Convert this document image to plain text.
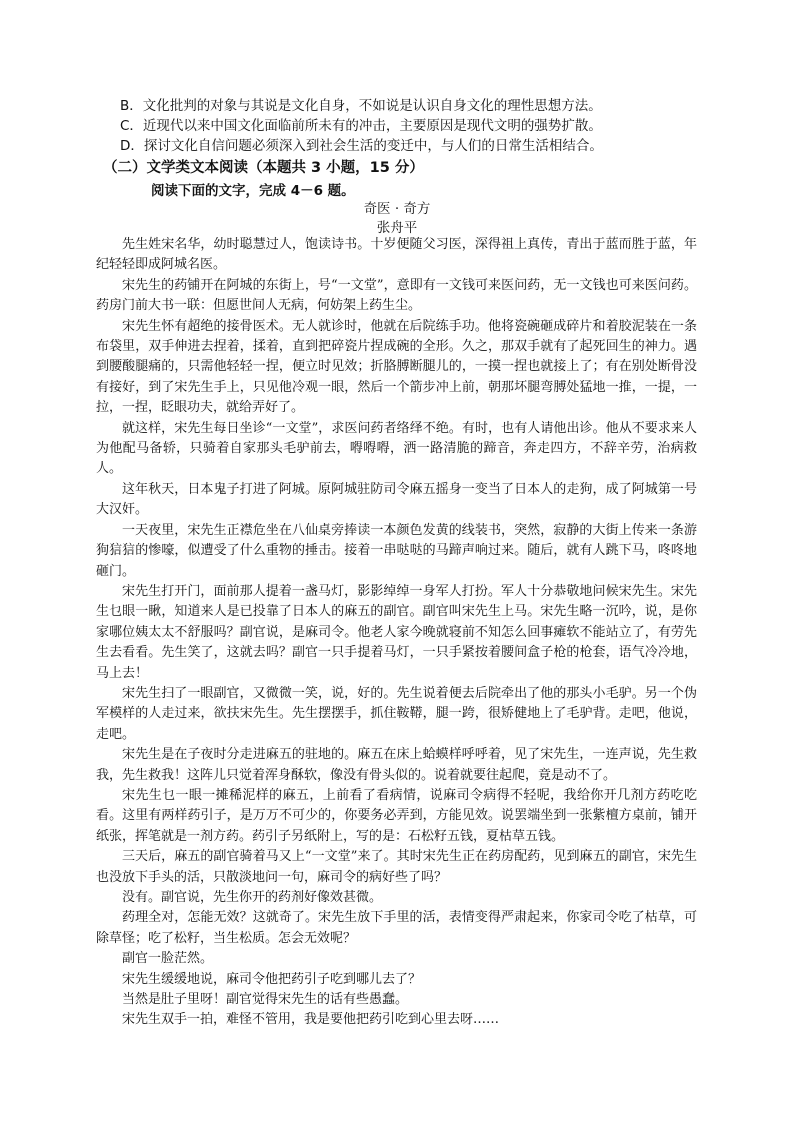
B．文化批判的对象与其说是文化自身，不如说是认识自身文化的理性思想方法。
C．近现代以来中国文化面临前所未有的冲击，主要原因是现代文明的强势扩散。
D．探讨文化自信问题必须深入到社会生活的变迁中，与人们的日常生活相结合。
（二）文学类文本阅读（本题共 3 小题，15 分）
阅读下面的文字，完成 4－6 题。
奇医 · 奇方
张舟平

先生姓宋名华，幼时聪慧过人，饱读诗书。十岁便随父习医，深得祖上真传，青出于蓝而胜于蓝，年纪轻轻即成阿城名医。

宋先生的药铺开在阿城的东街上，号“一文堂”，意即有一文钱可来医问药，无一文钱也可来医问药。药房门前大书一联：但愿世间人无病，何妨架上药生尘。

宋先生怀有超绝的接骨医术。无人就诊时，他就在后院练手功。他将瓷碗砸成碎片和着胶泥装在一条布袋里，双手伸进去捏着，揉着，直到把碎瓷片捏成碗的全形。久之，那双手就有了起死回生的神力。遇到腰酸腿痛的，只需他轻轻一捏，便立时见效；折胳膊断腿儿的，一摸一捏也就接上了；有在别处断骨没有接好，到了宋先生手上，只见他冷观一眼，然后一个箭步冲上前，朝那坏腿弯膊处猛地一推，一提，一拉，一捏，眨眼功夫，就给弄好了。

就这样，宋先生每日坐诊“一文堂”，求医问药者络绎不绝。有时，也有人请他出诊。他从不要求来人为他配马备轿，只骑着自家那头毛驴前去，嘚嘚嘚，洒一路清脆的蹄音，奔走四方，不辞辛劳，治病救人。

这年秋天，日本鬼子打进了阿城。原阿城驻防司令麻五摇身一变当了日本人的走狗，成了阿城第一号大汉奸。

一天夜里，宋先生正襟危坐在八仙桌旁捧读一本颜色发黄的线装书，突然，寂静的大街上传来一条游狗狺狺的惨嚎，似遭受了什么重物的捶击。接着一串哒哒的马蹄声响过来。随后，就有人跳下马，咚咚地砸门。

宋先生打开门，面前那人提着一盏马灯，影影绰绰一身军人打扮。军人十分恭敬地问候宋先生。宋先生乜眼一瞅，知道来人是已投靠了日本人的麻五的副官。副官叫宋先生上马。宋先生略一沉吟，说，是你家哪位姨太太不舒服吗？副官说，是麻司令。他老人家今晚就寝前不知怎么回事瘫软不能站立了，有劳先生去看看。先生笑了，这就去吗？副官一只手提着马灯，一只手紧按着腰间盒子枪的枪套，语气冷冷地，马上去！

宋先生扫了一眼副官，又微微一笑，说，好的。先生说着便去后院牵出了他的那头小毛驴。另一个伪军模样的人走过来，欲扶宋先生。先生摆摆手，抓住鞍鞯，腿一跨，很矫健地上了毛驴背。走吧，他说，走吧。

宋先生是在子夜时分走进麻五的驻地的。麻五在床上蛤蟆样呼呼着，见了宋先生，一连声说，先生救我，先生救我！这阵儿只觉着浑身酥软，像没有骨头似的。说着就要往起爬，竟是动不了。

宋先生乜一眼一摊稀泥样的麻五，上前看了看病情，说麻司令病得不轻呢，我给你开几剂方药吃吃看。这里有两样药引子，是万万不可少的，你要务必弄到，方能见效。说罢端坐到一张紫檀方桌前，铺开纸张，挥笔就是一剂方药。药引子另纸附上，写的是：石松籽五钱，夏枯草五钱。

三天后，麻五的副官骑着马又上“一文堂”来了。其时宋先生正在药房配药，见到麻五的副官，宋先生也没放下手头的活，只散淡地问一句，麻司令的病好些了吗？

没有。副官说，先生你开的药剂好像效甚微。

药理全对，怎能无效？这就奇了。宋先生放下手里的活，表情变得严肃起来，你家司令吃了枯草，可除草怪；吃了松籽，当生松质。怎会无效呢？

副官一脸茫然。

宋先生缓缓地说，麻司令他把药引子吃到哪儿去了？

当然是肚子里呀！副官觉得宋先生的话有些愚蠢。

宋先生双手一拍，难怪不管用，我是要他把药引吃到心里去呀……
